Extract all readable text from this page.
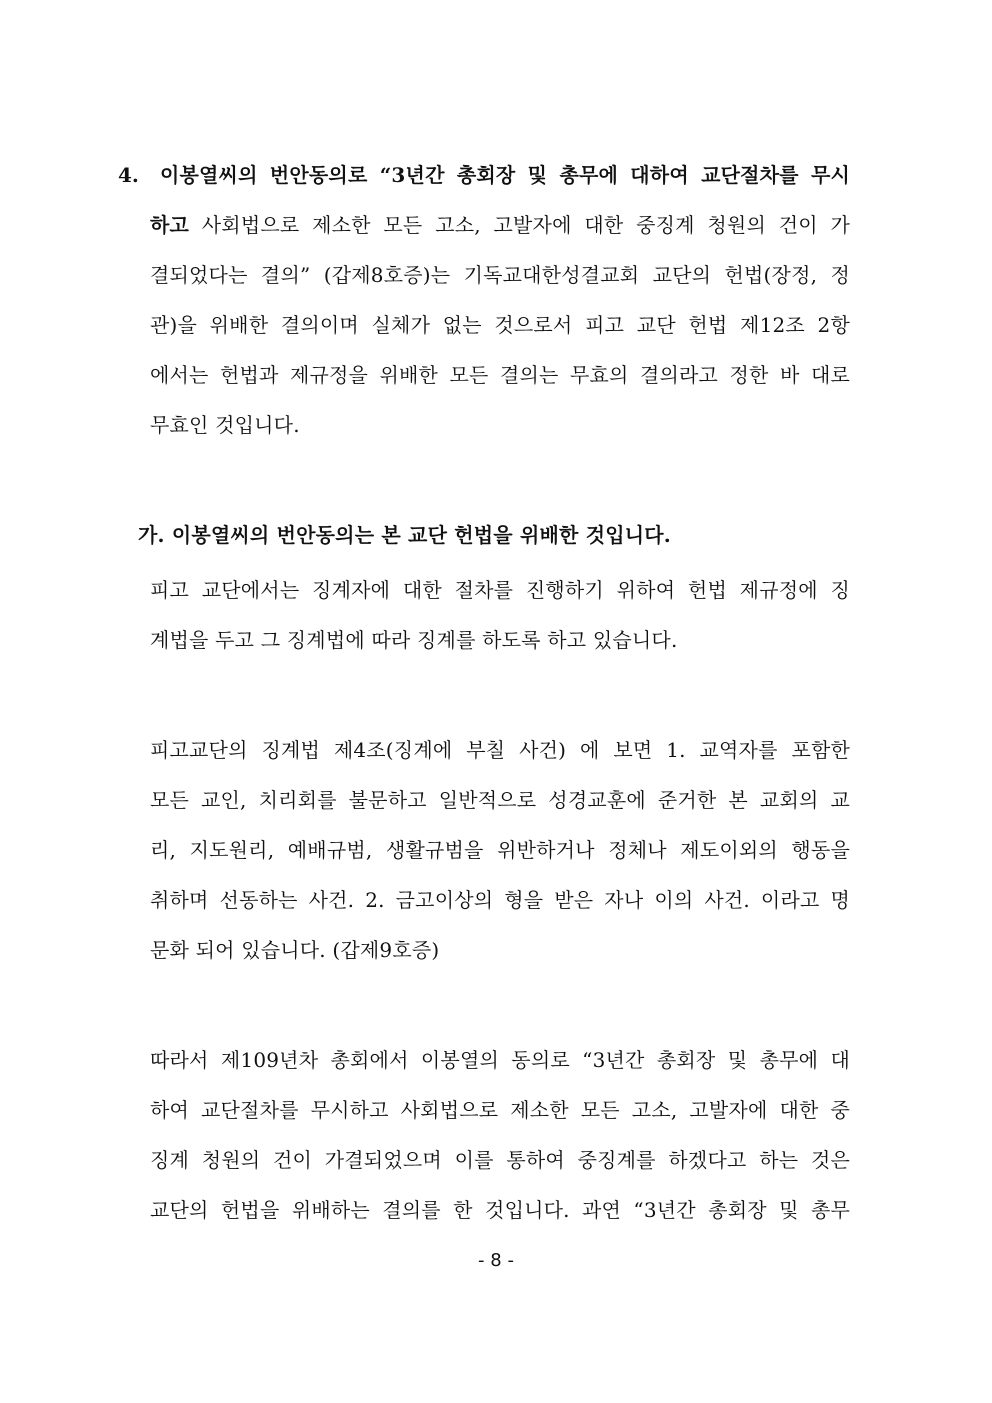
4. 이봉열씨의 번안동의로 “3년간 총회장 및 총무에 대하여 교단절차를 무시
하고 사회법으로 제소한 모든 고소, 고발자에 대한 중징계 청원의 건이 가
결되었다는 결의” (갑제8호증)는 기독교대한성결교회 교단의 헌법(장정, 정
관)을 위배한 결의이며 실체가 없는 것으로서 피고 교단 헌법 제12조 2항
에서는 헌법과 제규정을 위배한 모든 결의는 무효의 결의라고 정한 바 대로
무효인 것입니다.
가. 이봉열씨의 번안동의는 본 교단 헌법을 위배한 것입니다.
피고 교단에서는 징계자에 대한 절차를 진행하기 위하여 헌법 제규정에 징
계법을 두고 그 징계법에 따라 징계를 하도록 하고 있습니다.
피고교단의 징계법 제4조(징계에 부칠 사건) 에 보면 1. 교역자를 포함한
모든 교인, 치리회를 불문하고 일반적으로 성경교훈에 준거한 본 교회의 교
리, 지도원리, 예배규범, 생활규범을 위반하거나 정체나 제도이외의 행동을
취하며 선동하는 사건. 2. 금고이상의 형을 받은 자나 이의 사건. 이라고 명
문화 되어 있습니다. (갑제9호증)
따라서 제109년차 총회에서 이봉열의 동의로 “3년간 총회장 및 총무에 대
하여 교단절차를 무시하고 사회법으로 제소한 모든 고소, 고발자에 대한 중
징계 청원의 건이 가결되었으며 이를 통하여 중징계를 하겠다고 하는 것은
교단의 헌법을 위배하는 결의를 한 것입니다. 과연 “3년간 총회장 및 총무
- 8 -
